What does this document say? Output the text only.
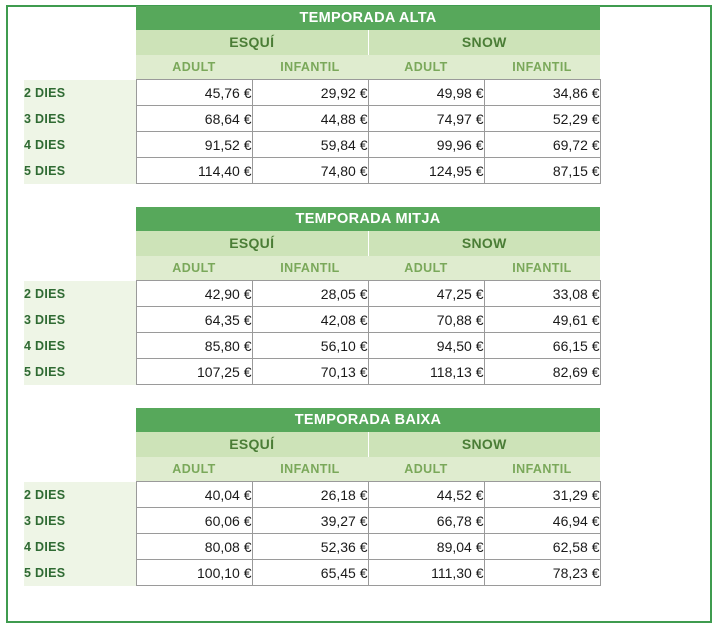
	TEMPORADA ALTA			
	ESQUÍ		SNOW	
	ADULT	INFANTIL	ADULT	INFANTIL
2 DIES	45,76 €	29,92 €	49,98 €	34,86 €
3 DIES	68,64 €	44,88 €	74,97 €	52,29 €
4 DIES	91,52 €	59,84 €	99,96 €	69,72 €
5 DIES	114,40 €	74,80 €	124,95 €	87,15 €
	TEMPORADA MITJA			
	ESQUÍ		SNOW	
	ADULT	INFANTIL	ADULT	INFANTIL
2 DIES	42,90 €	28,05 €	47,25 €	33,08 €
3 DIES	64,35 €	42,08 €	70,88 €	49,61 €
4 DIES	85,80 €	56,10 €	94,50 €	66,15 €
5 DIES	107,25 €	70,13 €	118,13 €	82,69 €
	TEMPORADA BAIXA			
	ESQUÍ		SNOW	
	ADULT	INFANTIL	ADULT	INFANTIL
2 DIES	40,04 €	26,18 €	44,52 €	31,29 €
3 DIES	60,06 €	39,27 €	66,78 €	46,94 €
4 DIES	80,08 €	52,36 €	89,04 €	62,58 €
5 DIES	100,10 €	65,45 €	111,30 €	78,23 €
